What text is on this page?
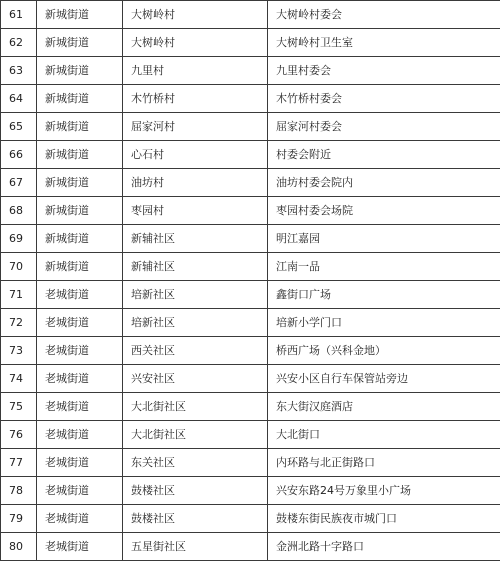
61	新城街道	大树岭村	大树岭村委会
62	新城街道	大树岭村	大树岭村卫生室
63	新城街道	九里村	九里村委会
64	新城街道	木竹桥村	木竹桥村委会
65	新城街道	屈家河村	屈家河村委会
66	新城街道	心石村	村委会附近
67	新城街道	油坊村	油坊村委会院内
68	新城街道	枣园村	枣园村委会场院
69	新城街道	新辅社区	明江嘉园
70	新城街道	新辅社区	江南一品
71	老城街道	培新社区	鑫街口广场
72	老城街道	培新社区	培新小学门口
73	老城街道	西关社区	桥西广场（兴科金地）
74	老城街道	兴安社区	兴安小区自行车保管站旁边
75	老城街道	大北街社区	东大街汉庭酒店
76	老城街道	大北街社区	大北街口
77	老城街道	东关社区	内环路与北正街路口
78	老城街道	鼓楼社区	兴安东路24号万象里小广场
79	老城街道	鼓楼社区	鼓楼东街民族夜市城门口
80	老城街道	五星街社区	金洲北路十字路口
